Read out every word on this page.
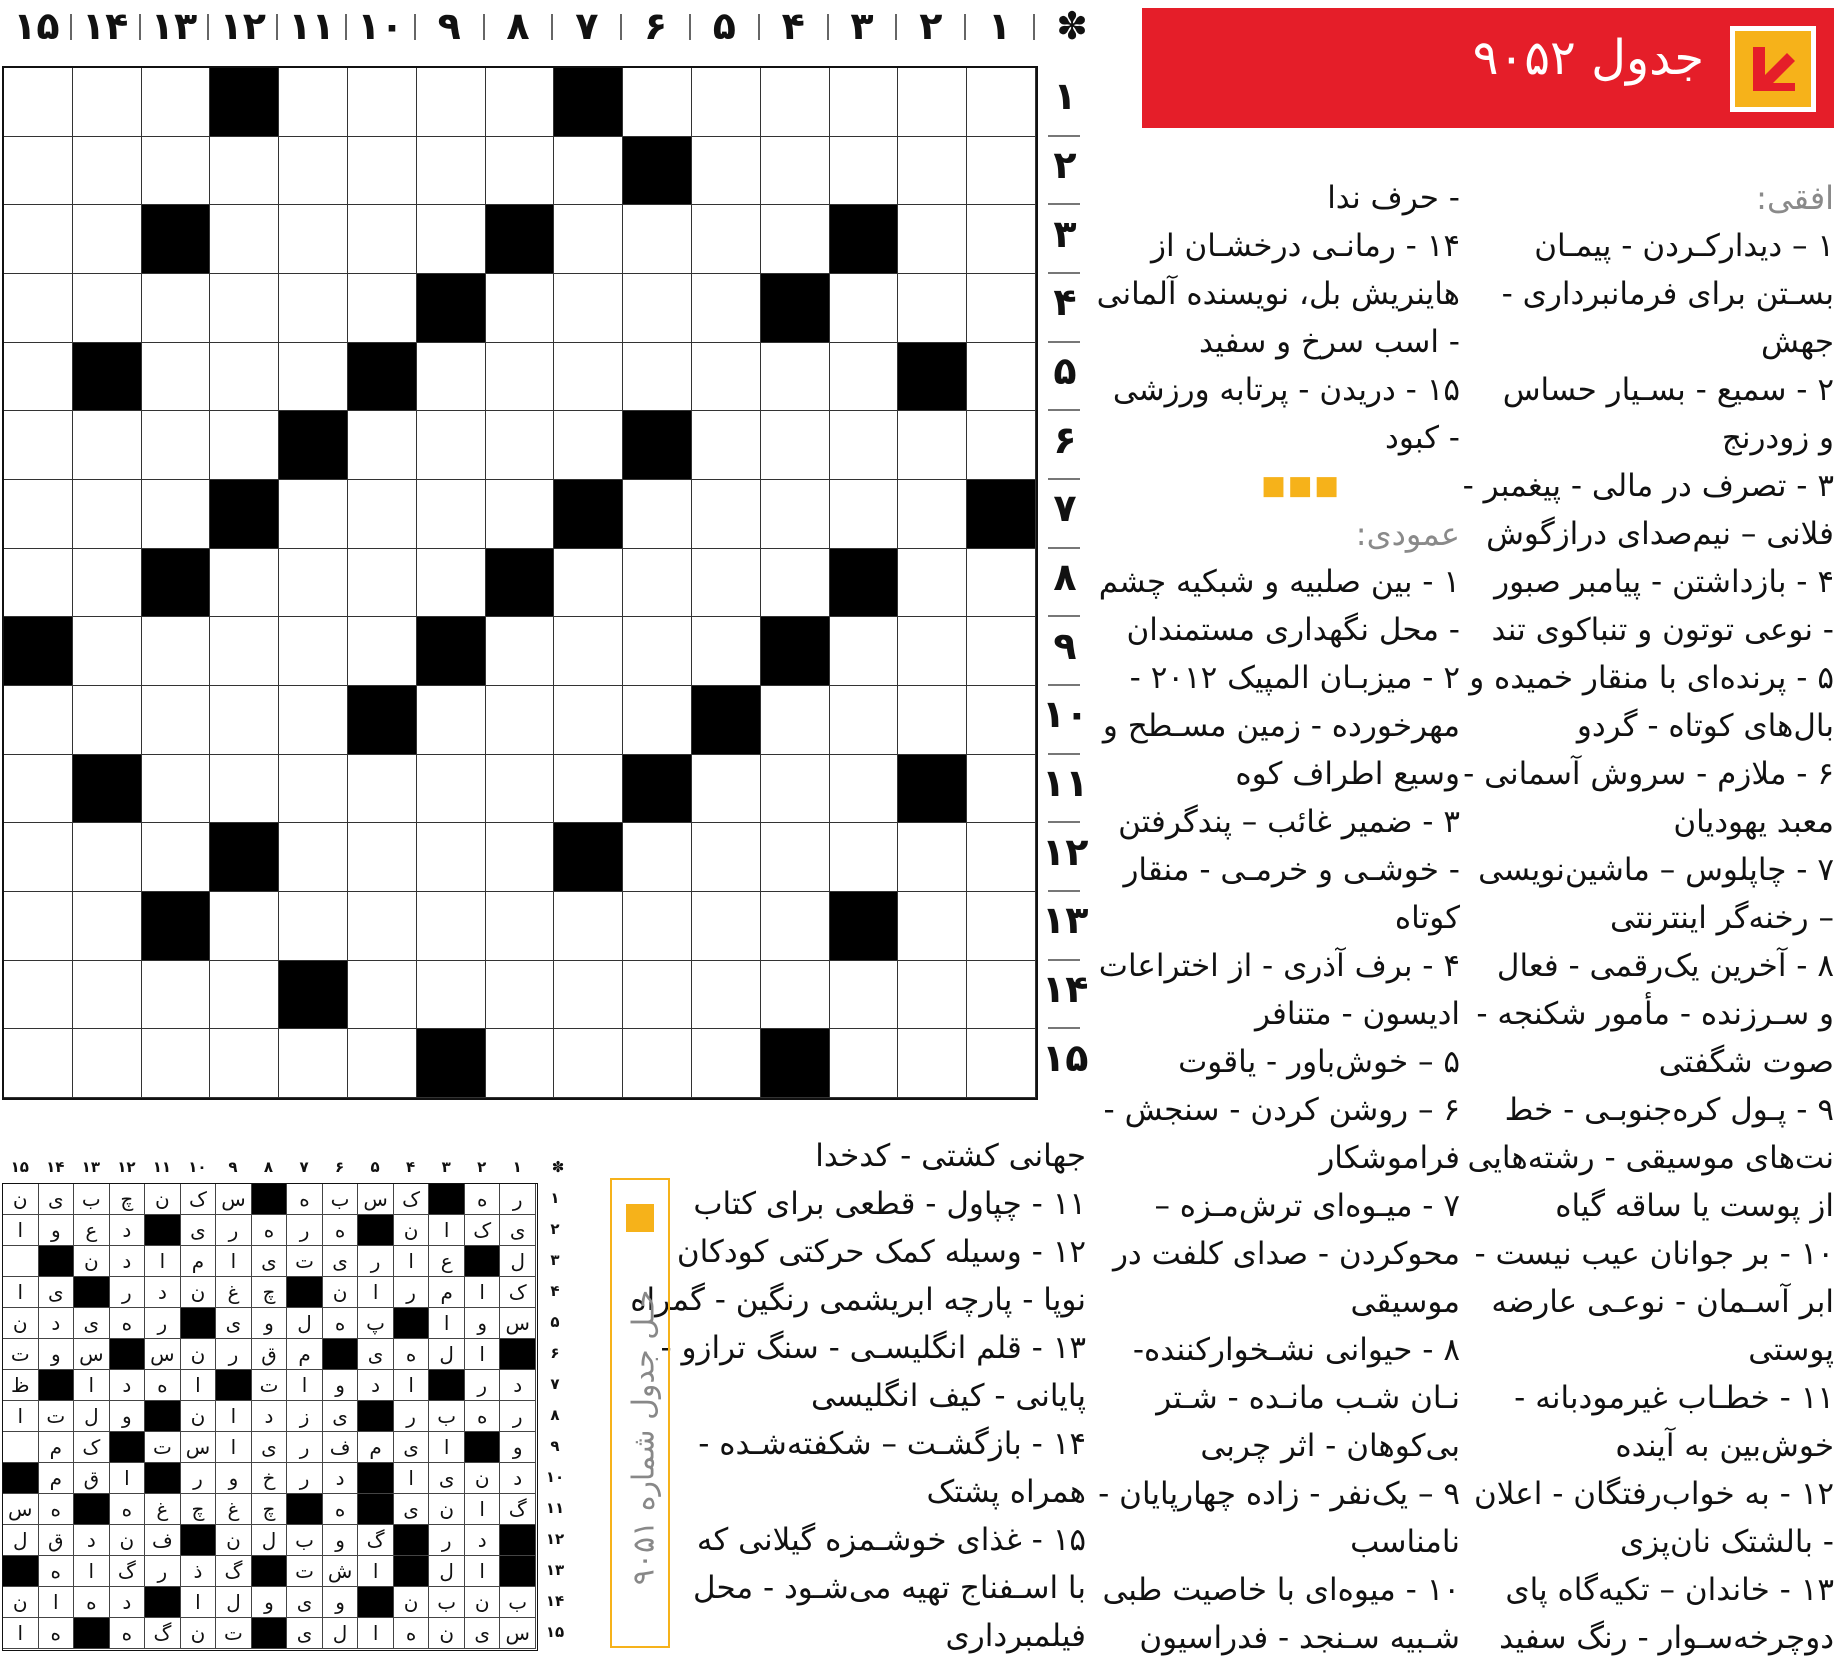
✽
۱
۲
۳
۴
۵
۶
۷
۸
۹
۱۰
۱۱
۱۲
۱۳
۱۴
۱۵
۱
۲
۳
۴
۵
۶
۷
۸
۹
۱۰
۱۱
۱۲
۱۳
۱۴
۱۵
جدول ۹۰۵۲
افقی:
۱ – دیدارکـردن - پیمـان
بسـتن برای فرمانبرداری -
جهش
۲ - سمیع - بسـیار حساس
و زودرنج
۳ - تصرف در مالی - پیغمبر -
فلانی – نیم‌صدای درازگوش
۴ - بازداشتن - پیامبر صبور
- نوعی توتون و تنباکوی تند
۵ - پرنده‌ای با منقار خمیده و
بال‌های کوتاه - گردو
۶ - ملازم - سروش آسمانی -
معبد یهودیان
۷ - چاپلوس – ماشین‌نویسی
– رخنه‌گر اینترنتی
۸ - آخرین یک‌رقمی - فعال
و سـرزنده - مأمور شکنجه -
صوت شگفتی
۹ - پـول کره‌جنوبـی - خط
نت‌های موسیقی - رشته‌هایی
از پوست یا ساقه گیاه
۱۰ - بر جوانان عیب نیست -
ابر آسـمان - نوعـی عارضه
پوستی
۱۱ - خطـاب غیرمودبانه -
خوش‌بین به آینده
۱۲ - به خواب‌رفتگان - اعلان
- بالشتک نان‌پزی
۱۳ - خاندان – تکیه‌گاه پای
دوچرخه‌سـوار - رنگ سفید
- حرف ندا
۱۴ - رمانـی درخشـان از
هاینریش بل، نویسنده آلمانی
- اسب سرخ و سفید
۱۵ - دریدن - پرتابه ورزشی
- کبود
■■■
عمودی:
۱ - بین صلبیه و شبکیه چشم
- محل نگهداری مستمندان
۲ - میزبـان المپیک ۲۰۱۲ -
مهرخورده - زمین مسـطح و
وسیع اطراف کوه
۳ - ضمیر غائب – پندگرفتن
- خوشـی و خرمـی - منقار
کوتاه
۴ - برف آذری - از اختراعات
ادیسون - متنافر
۵ – خوش‌باور - یاقوت
۶ – روشن کردن - سنجش -
فراموشکار
۷ - میـوه‌ای ترش‌مـزه –
محوکردن - صدای کلفت در
موسیقی
۸ - حیوانی نشـخوارکننده-
نـان شـب مانـده - شـتر
بی‌کوهان - اثر چربی
۹ – یک‌نفر - زاده چهارپایان -
نامناسب
۱۰ - میوه‌ای با خاصیت طبی
شـبیه سـنجد - فدراسیون
جهانی کشتی - کدخدا
۱۱ - چپاول - قطعی برای کتاب
۱۲ - وسیله کمک حرکتی کودکان
نوپا - پارچه ابریشمی رنگین - گمراه
۱۳ - قلم انگلیسـی - سنگ ترازو -
پایانی - کیف انگلیسی
۱۴ - بازگشـت – شکفته‌شـده -
همراه پشتک
۱۵ - غذای خوشـمزه گیلانی که
با اسـفناج تهیه می‌شـود - محل
فیلمبرداری
حـل جدول شماره ۹۰۵۱
✽
۱
۲
۳
۴
۵
۶
۷
۸
۹
۱۰
۱۱
۱۲
۱۳
۱۴
۱۵
ر
ه
ک
س
ب
ه
س
ک
ن
چ
ب
ی
ن
ی
ک
ا
ن
ه
ر
ه
ر
ی
د
ع
و
ا
ل
ع
ا
ر
ی
ت
ی
ا
م
ا
د
ن
ک
ا
م
ر
ا
ن
چ
غ
ن
د
ر
ی
ا
س
و
ا
پ
ه
ل
و
ی
ر
ه
ی
د
ن
ا
ل
ه
ی
م
ق
ر
ن
س
س
و
ت
د
ر
ا
د
و
ا
ت
ا
ه
د
ا
ظ
ر
ه
ب
ر
ی
ز
د
ا
ن
و
ل
ت
ا
و
ا
ی
م
ف
ر
ی
ا
س
ت
ک
م
د
ن
ی
ا
د
ر
خ
و
ر
ا
ق
م
گ
ا
ن
ی
ه
چ
غ
چ
غ
ه
ه
س
د
ر
گ
و
ب
ل
ن
ف
ن
د
ق
ل
ا
ل
ا
ش
ت
گ
ذ
ر
گ
ا
ه
ب
ن
ب
ن
و
ی
و
ل
ا
د
ه
ا
ن
س
ی
ن
ه
ا
ل
ی
ت
ن
گ
ه
ه
ا
۱
۲
۳
۴
۵
۶
۷
۸
۹
۱۰
۱۱
۱۲
۱۳
۱۴
۱۵
